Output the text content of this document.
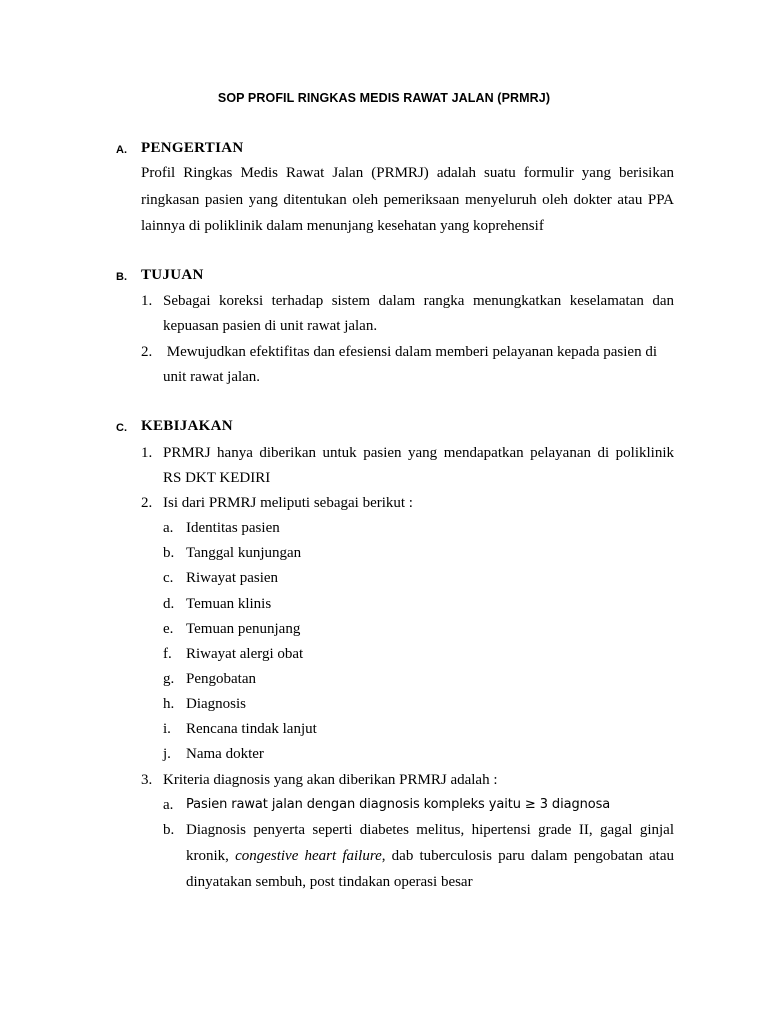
SOP PROFIL RINGKAS MEDIS RAWAT JALAN (PRMRJ)
A. PENGERTIAN
Profil Ringkas Medis Rawat Jalan (PRMRJ) adalah suatu formulir yang berisikan
ringkasan pasien yang ditentukan oleh pemeriksaan menyeluruh oleh dokter atau PPA
lainnya di poliklinik dalam menunjang kesehatan yang koprehensif
B. TUJUAN
1. Sebagai koreksi terhadap sistem dalam rangka menungkatkan keselamatan dan
kepuasan pasien di unit rawat jalan.
2. Mewujudkan efektifitas dan efesiensi dalam memberi pelayanan kepada pasien di
unit rawat jalan.
C. KEBIJAKAN
1. PRMRJ hanya diberikan untuk pasien yang mendapatkan pelayanan di poliklinik
RS DKT KEDIRI
2. Isi dari PRMRJ meliputi sebagai berikut :
a. Identitas pasien
b. Tanggal kunjungan
c. Riwayat pasien
d. Temuan klinis
e. Temuan penunjang
f. Riwayat alergi obat
g. Pengobatan
h. Diagnosis
i. Rencana tindak lanjut
j. Nama dokter
3. Kriteria diagnosis yang akan diberikan PRMRJ adalah :
a. Pasien rawat jalan dengan diagnosis kompleks yaitu ≥ 3 diagnosa
b. Diagnosis penyerta seperti diabetes melitus, hipertensi grade II, gagal ginjal
kronik, congestive heart failure, dab tuberculosis paru dalam pengobatan atau
dinyatakan sembuh, post tindakan operasi besar
